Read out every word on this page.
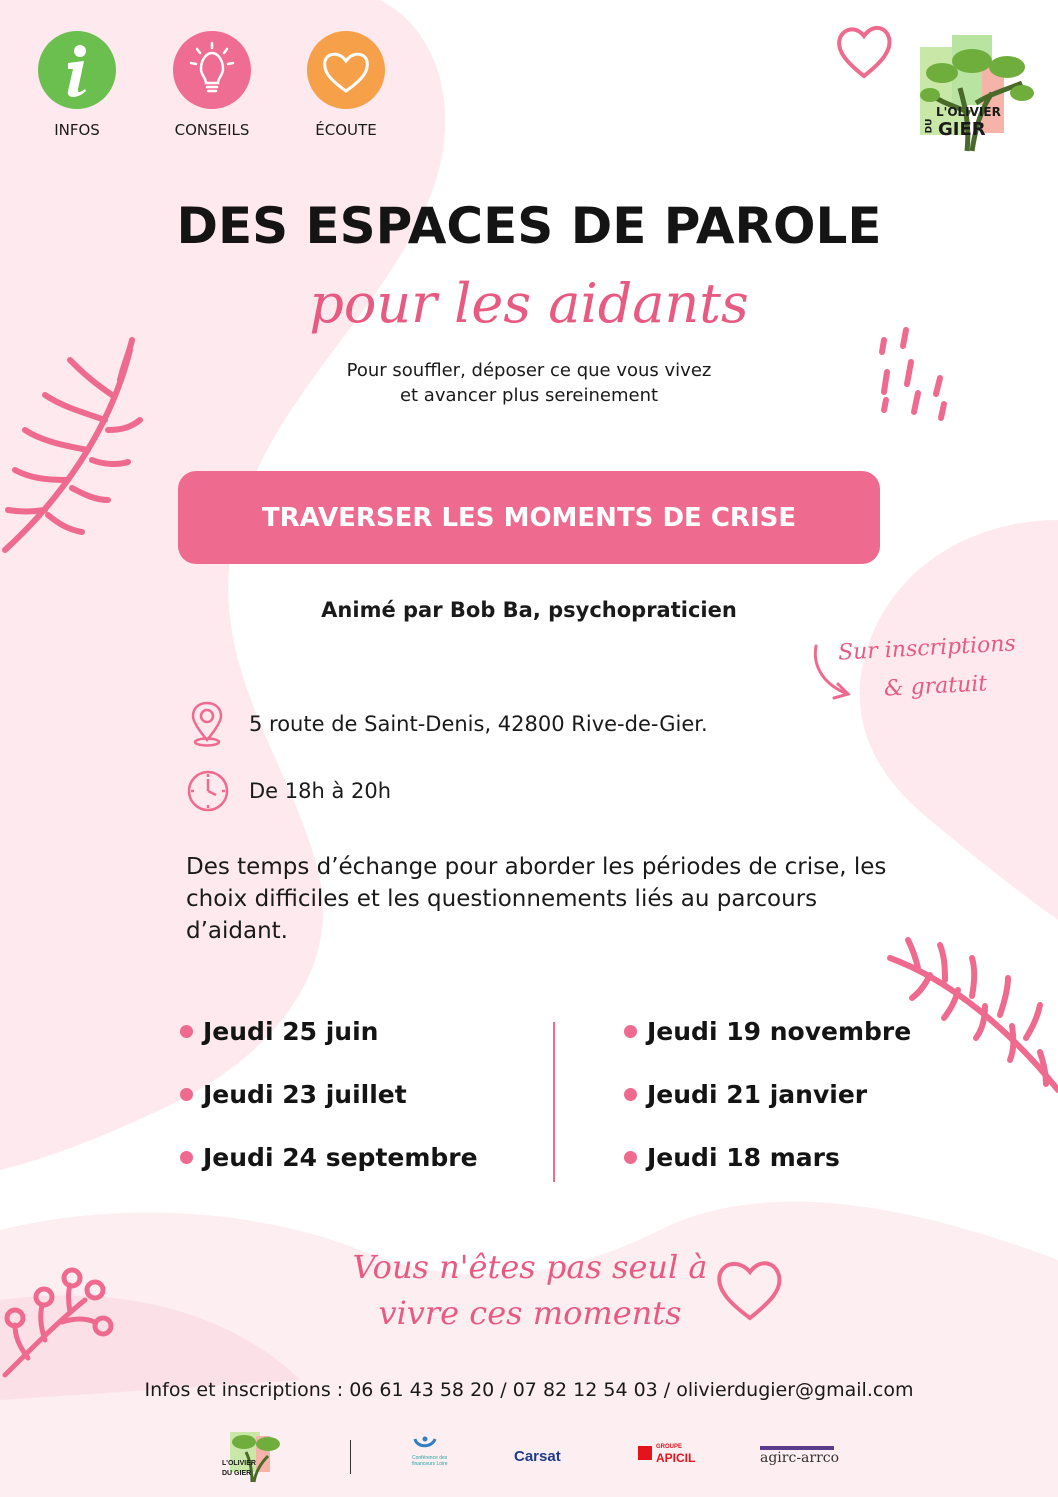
INFOS	CONSEILS	ÉCOUTE
L'OLIVIER
DU GIER
DES ESPACES DE PAROLE
pour les aidants
Pour souffler, déposer ce que vous vivez
et avancer plus sereinement
TRAVERSER LES MOMENTS DE CRISE
Animé par Bob Ba, psychopraticien
Sur inscriptions
& gratuit
5 route de Saint-Denis, 42800 Rive-de-Gier.
De 18h à 20h
Des temps d’échange pour aborder les périodes de crise, les choix difficiles et les questionnements liés au parcours d’aidant.
Jeudi 25 juin
Jeudi 23 juillet
Jeudi 24 septembre
Jeudi 19 novembre
Jeudi 21 janvier
Jeudi 18 mars
Vous n'êtes pas seul à
vivre ces moments
Infos et inscriptions : 06 61 43 58 20 / 07 82 12 54 03 / olivierdugier@gmail.com
L'OLIVIER
DU GIER
Conférence des financeurs Loire	Carsat
GROUPE
APICIL	agirc-arrco
